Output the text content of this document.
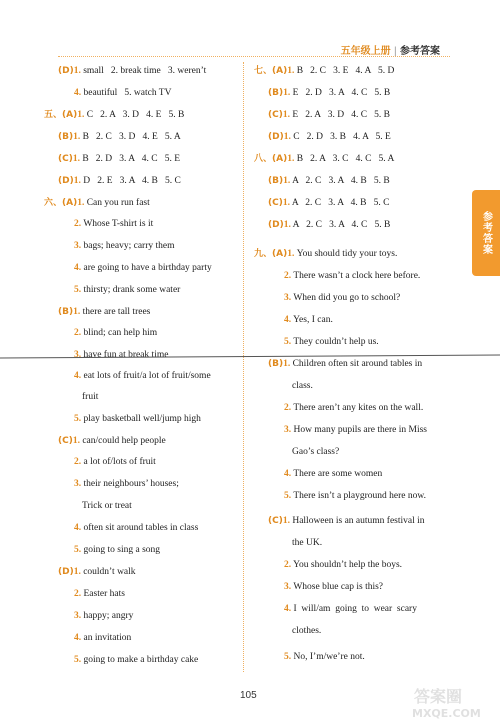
五年级上册 | 参考答案
参考答案
(D)1. small   2. break time   3. weren’t
4. beautiful   5. watch TV
五、(A)1. C   2. A   3. D   4. E   5. B
(B)1. B   2. C   3. D   4. E   5. A
(C)1. B   2. D   3. A   4. C   5. E
(D)1. D   2. E   3. A   4. B   5. C
六、(A)1. Can you run fast
2. Whose T-shirt is it
3. bags; heavy; carry them
4. are going to have a birthday party
5. thirsty; drank some water
(B)1. there are tall trees
2. blind; can help him
3. have fun at break time
4. eat lots of fruit/a lot of fruit/some
fruit
5. play basketball well/jump high
(C)1. can/could help people
2. a lot of/lots of fruit
3. their neighbours’ houses;
Trick or treat
4. often sit around tables in class
5. going to sing a song
(D)1. couldn’t walk
2. Easter hats
3. happy; angry
4. an invitation
5. going to make a birthday cake
七、(A)1. B   2. C   3. E   4. A   5. D
(B)1. E   2. D   3. A   4. C   5. B
(C)1. E   2. A   3. D   4. C   5. B
(D)1. C   2. D   3. B   4. A   5. E
八、(A)1. B   2. A   3. C   4. C   5. A
(B)1. A   2. C   3. A   4. B   5. B
(C)1. A   2. C   3. A   4. B   5. C
(D)1. A   2. C   3. A   4. C   5. B
九、(A)1. You should tidy your toys.
2. There wasn’t a clock here before.
3. When did you go to school?
4. Yes, I can.
5. They couldn’t help us.
(B)1. Children often sit around tables in
class.
2. There aren’t any kites on the wall.
3. How many pupils are there in Miss
Gao’s class?
4. There are some women
5. There isn’t a playground here now.
(C)1. Halloween is an autumn festival in
the UK.
2. You shouldn’t help the boys.
3. Whose blue cap is this?
4. I  will/am  going  to  wear  scary
clothes.
5. No, I’m/we’re not.
105	答案圈
MXQE.COM
